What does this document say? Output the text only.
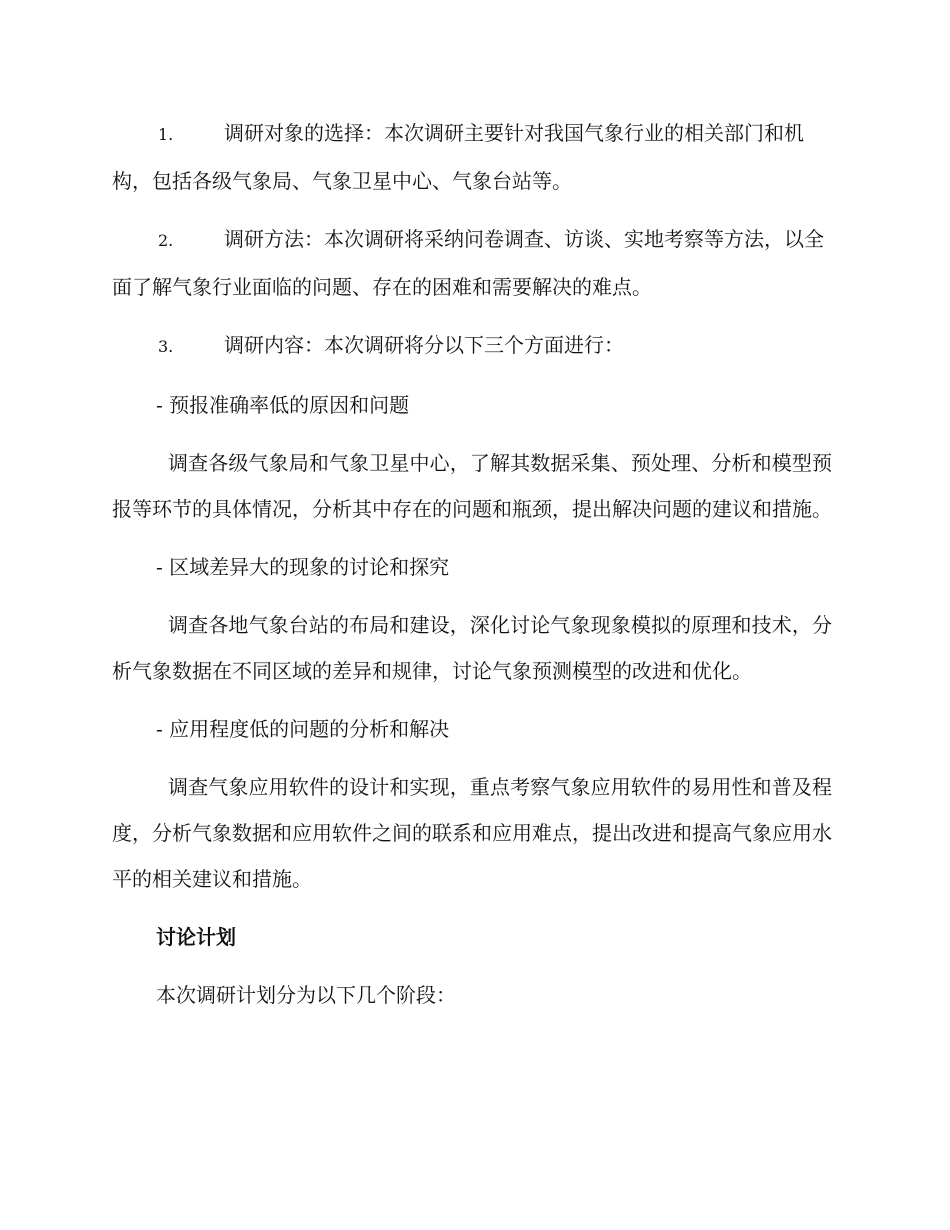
1.	调研对象的选择：本次调研主要针对我国气象行业的相关部门和机构，包括各级气象局、气象卫星中心、气象台站等。

2.	调研方法：本次调研将采纳问卷调查、访谈、实地考察等方法，以全面了解气象行业面临的问题、存在的困难和需要解决的难点。

3.	调研内容：本次调研将分以下三个方面进行：

- 预报准确率低的原因和问题

调查各级气象局和气象卫星中心，了解其数据采集、预处理、分析和模型预报等环节的具体情况，分析其中存在的问题和瓶颈，提出解决问题的建议和措施。

- 区域差异大的现象的讨论和探究

调查各地气象台站的布局和建设，深化讨论气象现象模拟的原理和技术，分析气象数据在不同区域的差异和规律，讨论气象预测模型的改进和优化。

- 应用程度低的问题的分析和解决

调查气象应用软件的设计和实现，重点考察气象应用软件的易用性和普及程度，分析气象数据和应用软件之间的联系和应用难点，提出改进和提高气象应用水平的相关建议和措施。

讨论计划

本次调研计划分为以下几个阶段：
